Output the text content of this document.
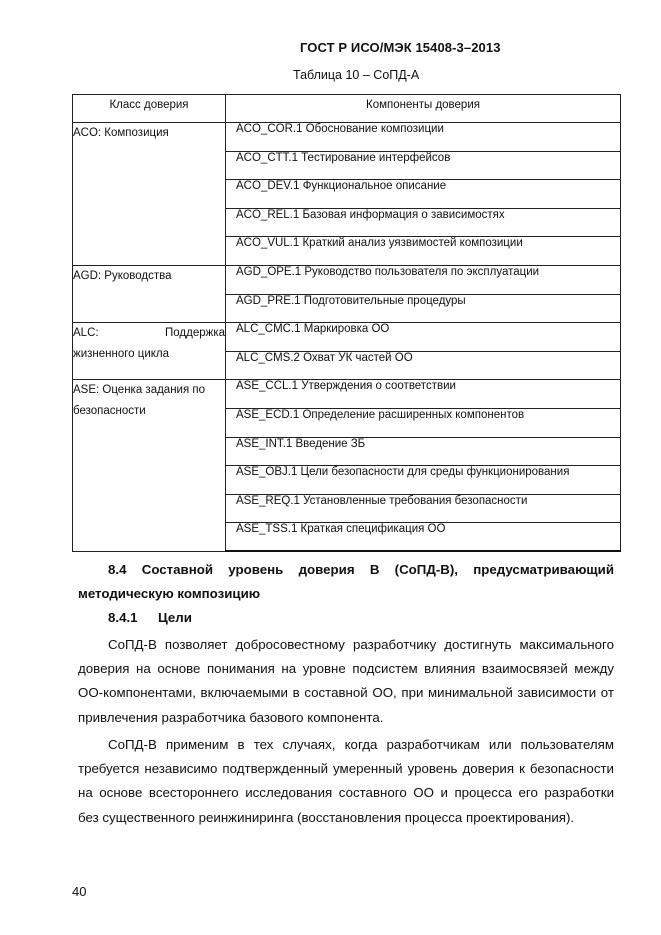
ГОСТ Р ИСО/МЭК 15408-3–2013
Таблица 10 – СоПД-А
Класс доверия	Компоненты доверия
ACO: Композиция	ACO_COR.1 Обоснование композиции
	ACO_CTT.1 Тестирование интерфейсов
	ACO_DEV.1 Функциональное описание
	ACO_REL.1 Базовая информация о зависимостях
	ACO_VUL.1 Краткий анализ уязвимостей композиции
AGD: Руководства	AGD_OPE.1 Руководство пользователя по эксплуатации
	AGD_PRE.1 Подготовительные процедуры

ALC: Поддержка
жизненного цикла	ALC_CMC.1 Маркировка ОО
	ALC_CMS.2 Охват УК частей ОО

ASE: Оценка задания по
безопасности	ASE_CCL.1 Утверждения о соответствии
	ASE_ECD.1 Определение расширенных компонентов
	ASE_INT.1 Введение ЗБ
	ASE_OBJ.1 Цели безопасности для среды функционирования
	ASE_REQ.1 Установленные требования безопасности
	ASE_TSS.1 Краткая спецификация ОО
8.4 Составной уровень доверия В (СоПД-В), предусматривающий
методическую композицию
8.4.1 Цели
СоПД-В позволяет добросовестному разработчику достигнуть максимального
доверия на основе понимания на уровне подсистем влияния взаимосвязей между
ОО-компонентами, включаемыми в составной ОО, при минимальной зависимости от
привлечения разработчика базового компонента.
СоПД-В применим в тех случаях, когда разработчикам или пользователям
требуется независимо подтвержденный умеренный уровень доверия к безопасности
на основе всестороннего исследования составного ОО и процесса его разработки
без существенного реинжиниринга (восстановления процесса проектирования).
40
